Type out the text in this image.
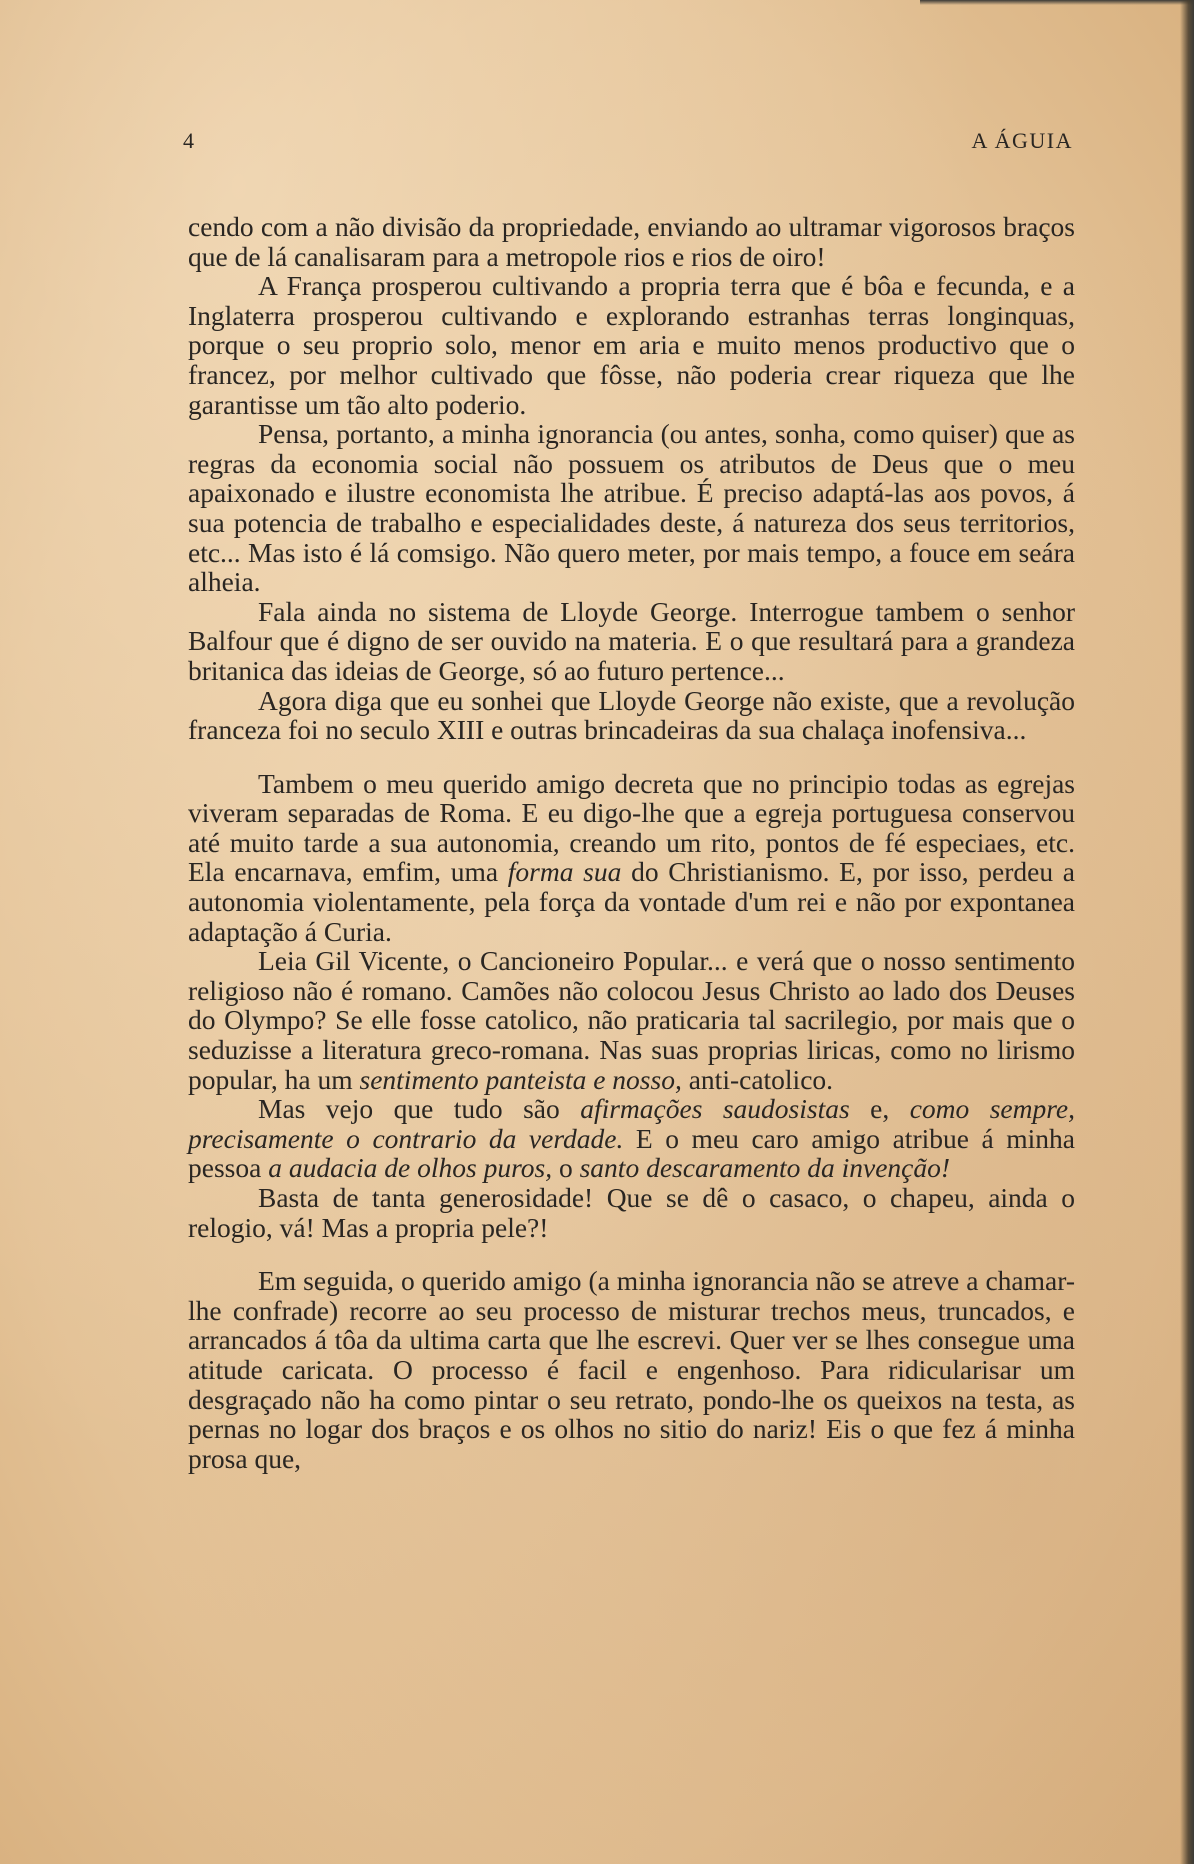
4	A ÁGUIA

cendo com a não divisão da propriedade, enviando ao ultramar vigorosos braços que de lá canalisaram para a metropole rios e rios de oiro!

A França prosperou cultivando a propria terra que é bôa e fecunda, e a Inglaterra prosperou cultivando e explorando estranhas terras longinquas, porque o seu proprio solo, menor em aria e muito menos productivo que o francez, por melhor cultivado que fôsse, não poderia crear riqueza que lhe garantisse um tão alto poderio.

Pensa, portanto, a minha ignorancia (ou antes, sonha, como quiser) que as regras da economia social não possuem os atributos de Deus que o meu apaixonado e ilustre economista lhe atribue. É preciso adaptá-las aos povos, á sua potencia de trabalho e especialidades deste, á natureza dos seus territorios, etc... Mas isto é lá comsigo. Não quero meter, por mais tempo, a fouce em seára alheia.

Fala ainda no sistema de Lloyde George. Interrogue tambem o senhor Balfour que é digno de ser ouvido na materia. E o que resultará para a grandeza britanica das ideias de George, só ao futuro pertence...

Agora diga que eu sonhei que Lloyde George não existe, que a revolução franceza foi no seculo XIII e outras brincadeiras da sua chalaça inofensiva...

Tambem o meu querido amigo decreta que no principio todas as egrejas viveram separadas de Roma. E eu digo-lhe que a egreja portuguesa conservou até muito tarde a sua autonomia, creando um rito, pontos de fé especiaes, etc. Ela encarnava, emfim, uma forma sua do Christianismo. E, por isso, perdeu a autonomia violentamente, pela força da vontade d'um rei e não por expontanea adaptação á Curia.

Leia Gil Vicente, o Cancioneiro Popular... e verá que o nosso sentimento religioso não é romano. Camões não colocou Jesus Christo ao lado dos Deuses do Olympo? Se elle fosse catolico, não praticaria tal sacrilegio, por mais que o seduzisse a literatura greco-romana. Nas suas proprias liricas, como no lirismo popular, ha um sentimento panteista e nosso, anti-catolico.

Mas vejo que tudo são afirmações saudosistas e, como sempre, precisamente o contrario da verdade. E o meu caro amigo atribue á minha pessoa a audacia de olhos puros, o santo descaramento da invenção!

Basta de tanta generosidade! Que se dê o casaco, o chapeu, ainda o relogio, vá! Mas a propria pele?!

Em seguida, o querido amigo (a minha ignorancia não se atreve a chamar-lhe confrade) recorre ao seu processo de misturar trechos meus, truncados, e arrancados á tôa da ultima carta que lhe escrevi. Quer ver se lhes consegue uma atitude caricata. O processo é facil e engenhoso. Para ridicularisar um desgraçado não ha como pintar o seu retrato, pondo-lhe os queixos na testa, as pernas no logar dos braços e os olhos no sitio do nariz! Eis o que fez á minha prosa que,
